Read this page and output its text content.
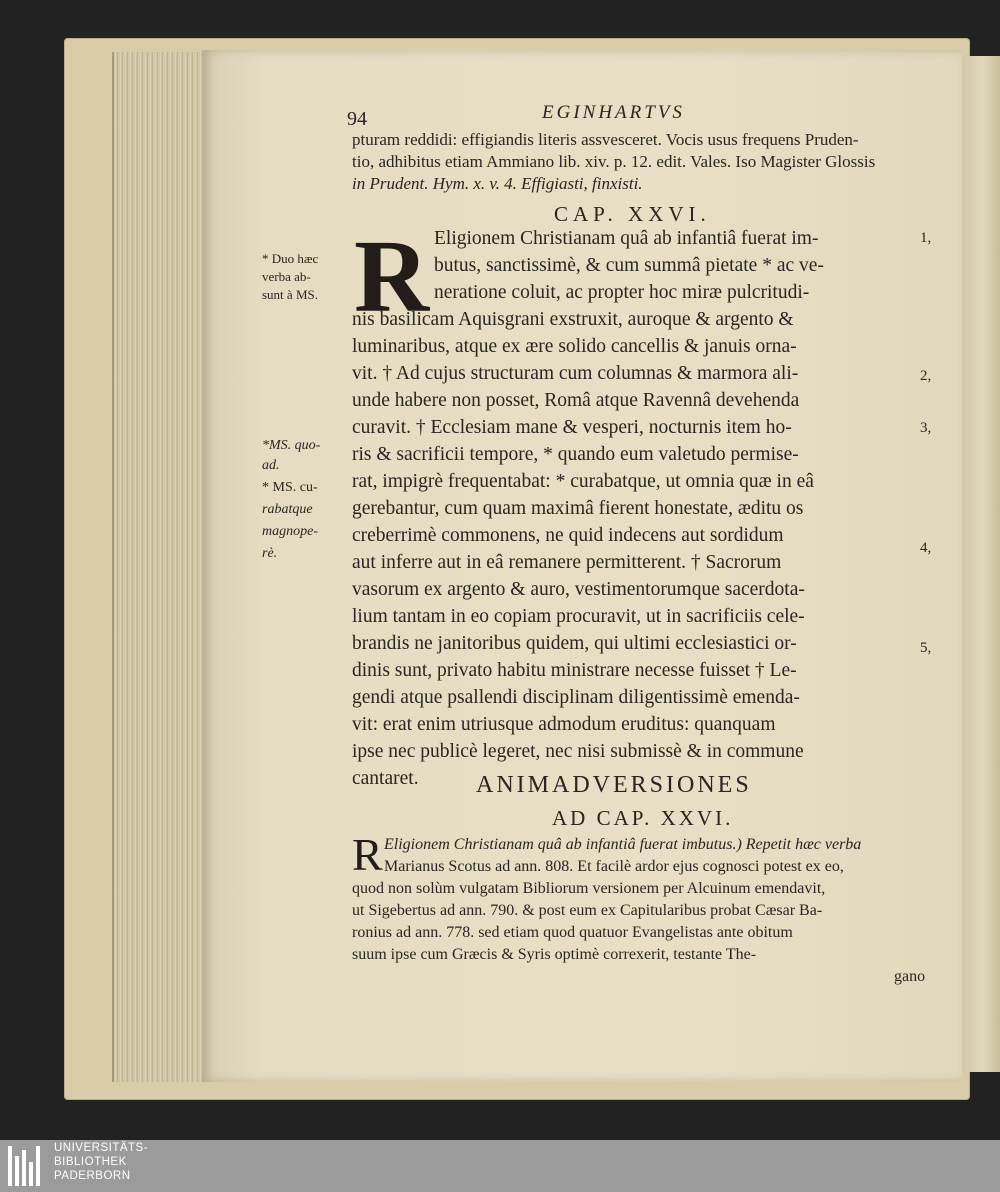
94	EGINHARTVS
pturam reddidi: effigiandis literis assvesceret. Vocis usus frequens Pruden-
tio, adhibitus etiam Ammiano lib. xiv. p. 12. edit. Vales. Iso Magister Glossis
in Prudent. Hym. x. v. 4. Effigiasti, finxisti.
CAP. XXVI.
R Eligionem Christianam quâ ab infantiâ fuerat im-
butus, sanctissimè, & cum summâ pietate * ac ve-
neratione coluit, ac propter hoc miræ pulcritudi-
nis basilicam Aquisgrani exstruxit, auroque & argento &
luminaribus, atque ex ære solido cancellis & januis orna-
vit. † Ad cujus structuram cum columnas & marmora ali-
unde habere non posset, Româ atque Ravennâ devehenda
curavit. † Ecclesiam mane & vesperi, nocturnis item ho-
ris & sacrificii tempore, * quando eum valetudo permise-
rat, impigrè frequentabat: * curabatque, ut omnia quæ in eâ
gerebantur, cum quam maximâ fierent honestate, æditu os
creberrimè commonens, ne quid indecens aut sordidum
aut inferre aut in eâ remanere permitterent. † Sacrorum
vasorum ex argento & auro, vestimentorumque sacerdota-
lium tantam in eo copiam procuravit, ut in sacrificiis cele-
brandis ne janitoribus quidem, qui ultimi ecclesiastici or-
dinis sunt, privato habitu ministrare necesse fuisset † Le-
gendi atque psallendi disciplinam diligentissimè emenda-
vit: erat enim utriusque admodum eruditus: quanquam
ipse nec publicè legeret, nec nisi submissè & in commune
cantaret.
* Duo hæc
verba ab-
sunt à MS.
*MS. quo-
ad.
* MS. cu-
rabatque
magnope-
rè.
1,
2,
3,
4,
5,
ANIMADVERSIONES
AD CAP. XXVI.
R Eligionem Christianam quâ ab infantiâ fuerat imbutus.) Repetit hæc verba
Marianus Scotus ad ann. 808. Et facilè ardor ejus cognosci potest ex eo,
quod non solùm vulgatam Bibliorum versionem per Alcuinum emendavit,
ut Sigebertus ad ann. 790. & post eum ex Capitularibus probat Cæsar Ba-
ronius ad ann. 778. sed etiam quod quatuor Evangelistas ante obitum
suum ipse cum Græcis & Syris optimè correxerit, testante The-
gano
UNIVERSITÄTS-
BIBLIOTHEK
PADERBORN
